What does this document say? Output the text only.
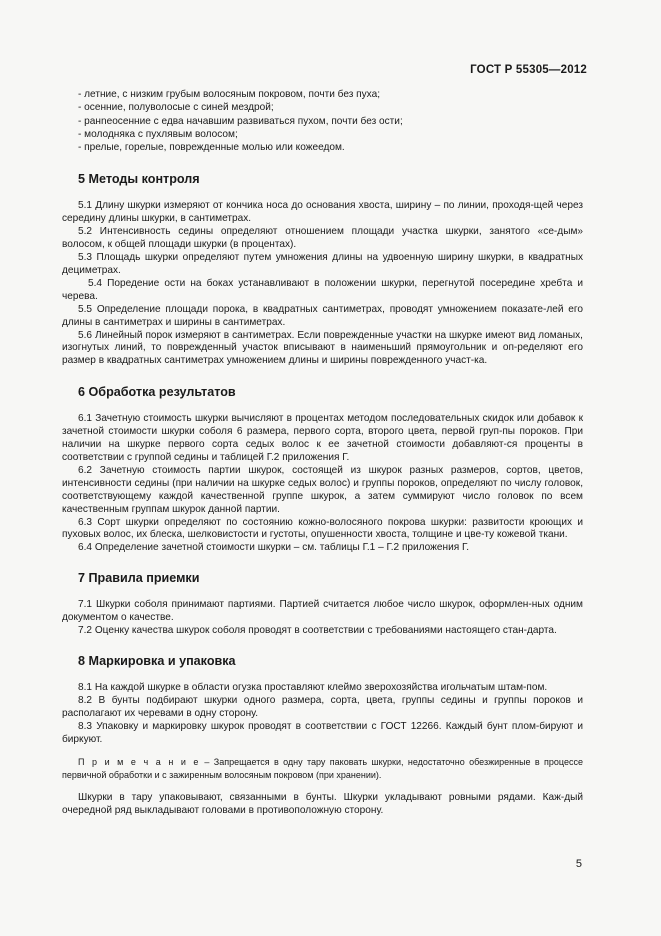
ГОСТ Р 55305—2012

- летние, с низким грубым волосяным покровом, почти без пуха;

- осенние, полуволосые с синей мездрой;

- ранneосенние с едва начавшим развиваться пухом, почти без ости;

- молодняка с пухлявым волосом;

- прелые, горелые, поврежденные молью или кожеедом.

5 Методы контроля

5.1 Длину шкурки измеряют от кончика носа до основания хвоста, ширину – по линии, проходя-щей через середину длины шкурки, в сантиметрах.

5.2 Интенсивность седины определяют отношением площади участка шкурки, занятого «се-дым» волосом, к общей площади шкурки (в процентах).

5.3 Площадь шкурки определяют путем умножения длины на удвоенную ширину шкурки, в квадратных дециметрах.

5.4 Поредение ости на боках устанавливают в положении шкурки, перегнутой посередине хребта и черева.

5.5 Определение площади порока, в квадратных сантиметрах, проводят умножением показате-лей его длины в сантиметрах и ширины в сантиметрах.

5.6 Линейный порок измеряют в сантиметрах. Если поврежденные участки на шкурке имеют вид ломаных, изогнутых линий, то поврежденный участок вписывают в наименьший прямоугольник и оп-ределяют его размер в квадратных сантиметрах умножением длины и ширины поврежденного участ-ка.

6 Обработка результатов

6.1 Зачетную стоимость шкурки вычисляют в процентах методом последовательных скидок или добавок к зачетной стоимости шкурки соболя 6 размера, первого сорта, второго цвета, первой груп-пы пороков. При наличии на шкурке первого сорта седых волос к ее зачетной стоимости добавляют-ся проценты в соответствии с группой седины и таблицей Г.2 приложения Г.

6.2 Зачетную стоимость партии шкурок, состоящей из шкурок разных размеров, сортов, цветов, интенсивности седины (при наличии на шкурке седых волос) и группы пороков, определяют по числу головок, соответствующему каждой качественной группе шкурок, а затем суммируют число головок по всем качественным группам шкурок данной партии.

6.3 Сорт шкурки определяют по состоянию кожно-волосяного покрова шкурки: развитости кроющих и пуховых волос, их блеска, шелковистости и густоты, опушенности хвоста, толщине и цве-ту кожевой ткани.

6.4 Определение зачетной стоимости шкурки – см. таблицы Г.1 – Г.2 приложения Г.

7 Правила приемки

7.1 Шкурки соболя принимают партиями. Партией считается любое число шкурок, оформлен-ных одним документом о качестве.

7.2 Оценку качества шкурок соболя проводят в соответствии с требованиями настоящего стан-дарта.

8 Маркировка и упаковка

8.1 На каждой шкурке в области огузка проставляют клеймо зверохозяйства игольчатым штам-пом.

8.2 В бунты подбирают шкурки одного размера, сорта, цвета, группы седины и группы пороков и располагают их черевами в одну сторону.

8.3 Упаковку и маркировку шкурок проводят в соответствии с ГОСТ 12266. Каждый бунт плом-бируют и биркуют.

П р и м е ч а н и е – Запрещается в одну тару паковать шкурки, недостаточно обезжиренные в процессе первичной обработки и с зажиренным волосяным покровом (при хранении).

Шкурки в тару упаковывают, связанными в бунты. Шкурки укладывают ровными рядами. Каж-дый очередной ряд выкладывают головами в противоположную сторону.

5
